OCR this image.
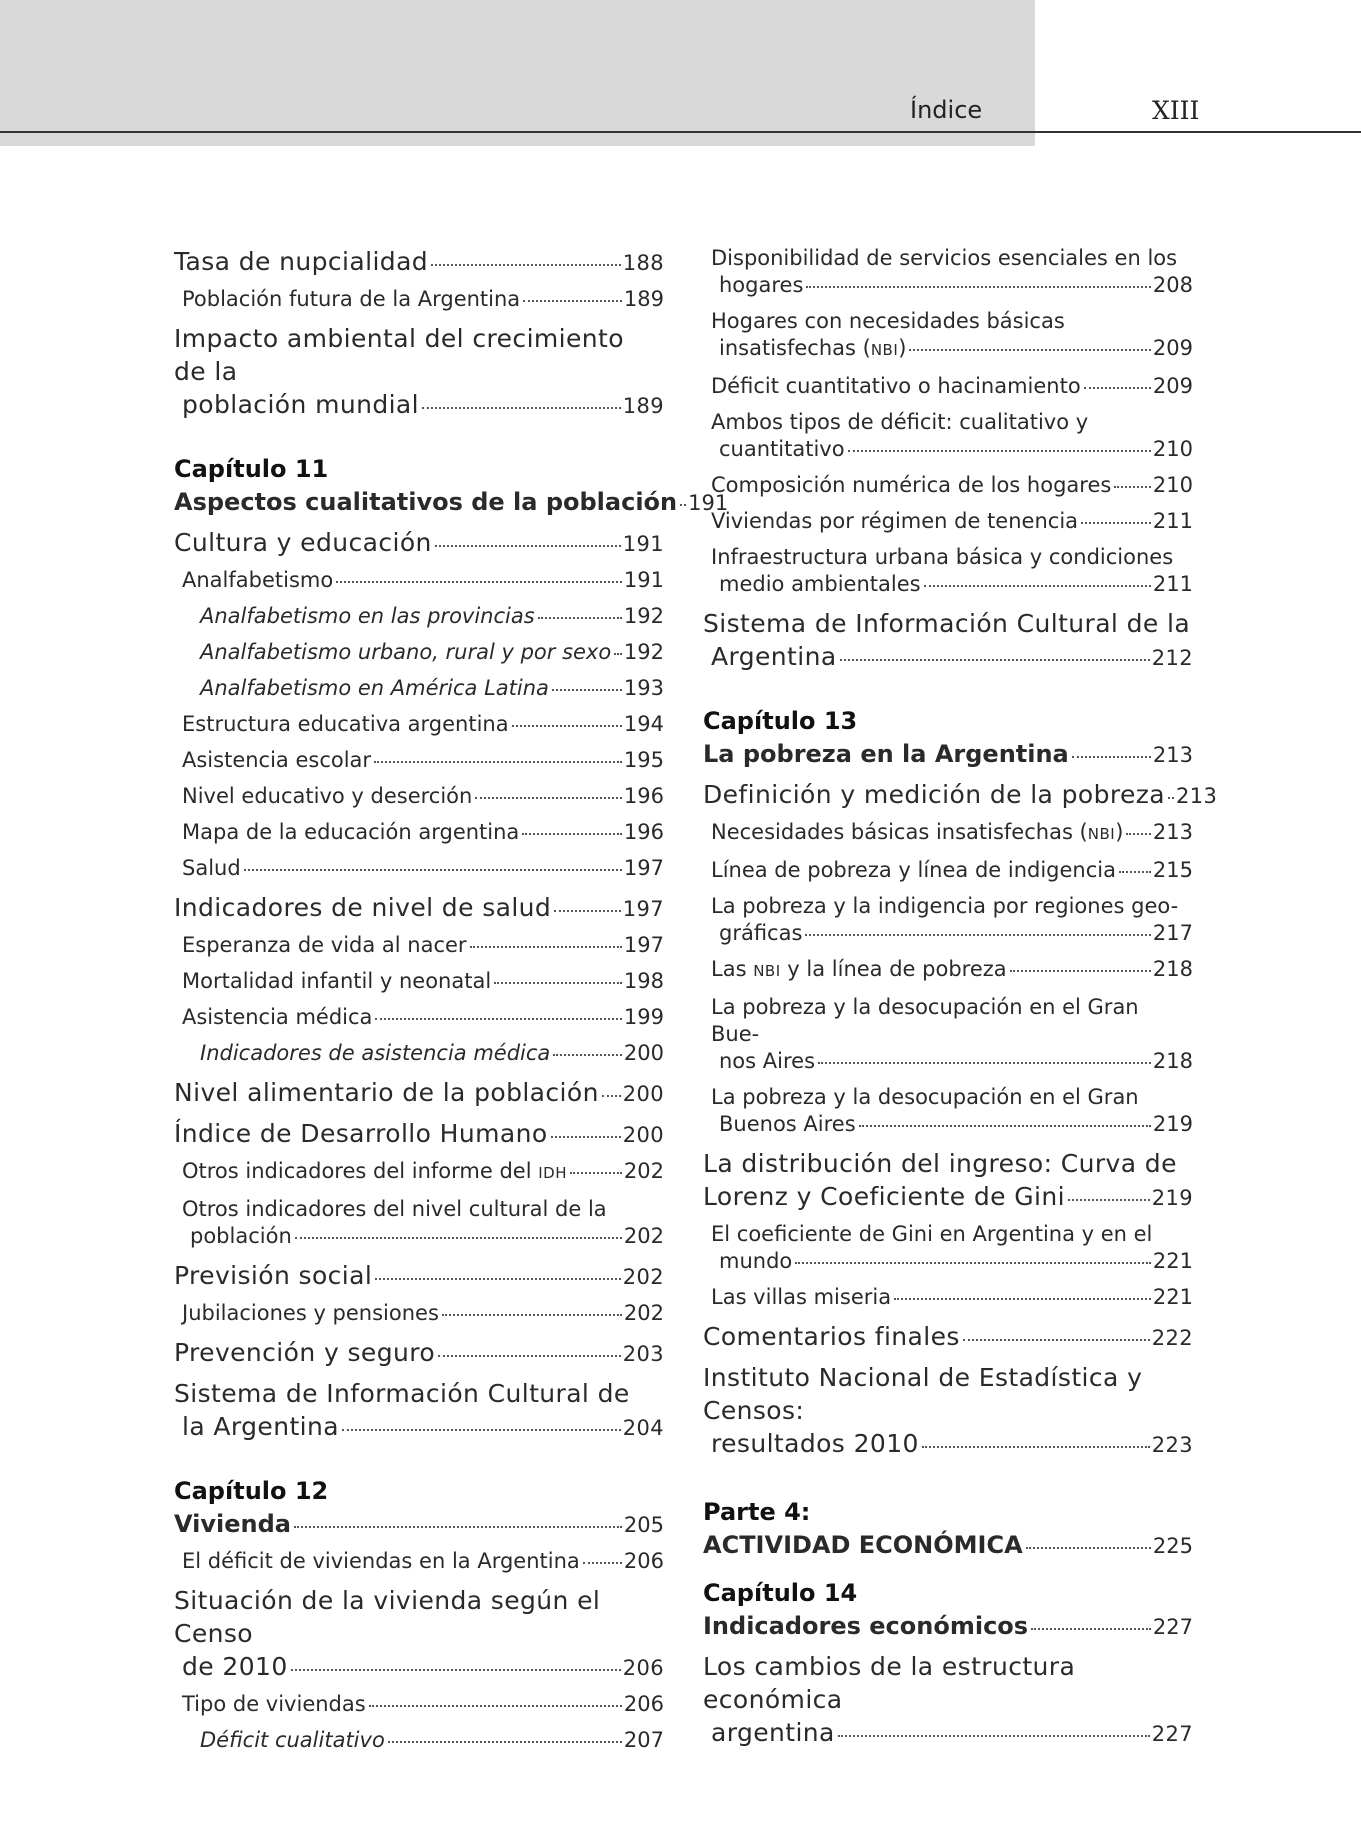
Índice	XIII
Tasa de nupcialidad	188
Población futura de la Argentina	189
Impacto ambiental del crecimiento de la
población mundial	189
Capítulo 11
Aspectos cualitativos de la población 191
Cultura y educación	191
Analfabetismo	191
Analfabetismo en las provincias	192
Analfabetismo urbano, rural y por sexo 192
Analfabetismo en América Latina	193
Estructura educativa argentina	194
Asistencia escolar	195
Nivel educativo y deserción	196
Mapa de la educación argentina	196
Salud	197
Indicadores de nivel de salud	197
Esperanza de vida al nacer	197
Mortalidad infantil y neonatal	198
Asistencia médica	199
Indicadores de asistencia médica	200
Nivel alimentario de la población 200
Índice de Desarrollo Humano	200
Otros indicadores del informe del IDH	202
Otros indicadores del nivel cultural de la
población	202
Previsión social	202
Jubilaciones y pensiones	202
Prevención y seguro	203
Sistema de Información Cultural de
la Argentina	204
Capítulo 12
Vivienda	205
El déficit de viviendas en la Argentina 206
Situación de la vivienda según el Censo
de 2010	206
Tipo de viviendas	206
Déficit cualitativo	207
Disponibilidad de servicios esenciales en los
hogares	208
Hogares con necesidades básicas
insatisfechas (NBI)	209
Déficit cuantitativo o hacinamiento	209
Ambos tipos de déficit: cualitativo y
cuantitativo	210
Composición numérica de los hogares 210
Viviendas por régimen de tenencia	211
Infraestructura urbana básica y condiciones
medio ambientales	211
Sistema de Información Cultural de la
Argentina	212
Capítulo 13
La pobreza en la Argentina	213
Definición y medición de la pobreza 213
Necesidades básicas insatisfechas (NBI) 213
Línea de pobreza y línea de indigencia 215
La pobreza y la indigencia por regiones geo-
gráficas	217
Las NBI y la línea de pobreza	218
La pobreza y la desocupación en el Gran Bue-
nos Aires	218
La pobreza y la desocupación en el Gran
Buenos Aires	219
La distribución del ingreso: Curva de
Lorenz y Coeficiente de Gini	219
El coeficiente de Gini en Argentina y en el
mundo	221
Las villas miseria	221
Comentarios finales	222
Instituto Nacional de Estadística y Censos:
resultados 2010	223
Parte 4:
ACTIVIDAD ECONÓMICA	225
Capítulo 14
Indicadores económicos	227
Los cambios de la estructura económica
argentina	227
